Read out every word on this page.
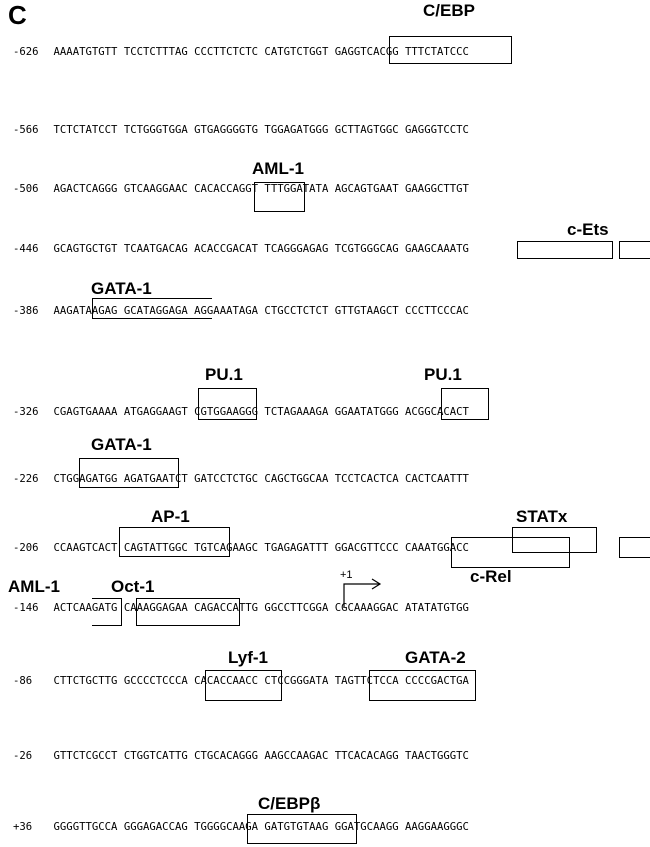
C
-626 AAAATGTGTT TCCTCTTTAG CCCTTCTCTC CATGTCTGGT GAGGTCACGG TTTCTATCCC
-566 TCTCTATCCT TCTGGGTGGA GTGAGGGGTG TGGAGATGGG GCTTAGTGGC GAGGGTCCTC
-506 AGACTCAGGG GTCAAGGAAC CACACCAGGT TTTGGATATA AGCAGTGAAT GAAGGCTTGT
-446 GCAGTGCTGT TCAATGACAG ACACCGACAT TCAGGGAGAG TCGTGGGCAG GAAGCAAATG
-386 AAGATAAGAG GCATAGGAGA AGGAAATAGA CTGCCTCTCT GTTGTAAGCT CCCTTCCCAC
-326 CGAGTGAAAA ATGAGGAAGT CGTGGAAGGG TCTAGAAAGA GGAATATGGG ACGGCACACT
-226 CTGGAGATGG AGATGAATCT GATCCTCTGC CAGCTGGCAA TCCTCACTCA CACTCAATTT
-206 CCAAGTCACT CAGTATTGGC TGTCAGAAGC TGAGAGATTT GGACGTTCCC CAAATGGACC
-146 ACTCAAGATG CAAAGGAGAA CAGACCATTG GGCCTTCGGA CGCAAAGGAC ATATATGTGG
-86 CTTCTGCTTG GCCCCTCCCA CACACCAACC CTCCGGGATA TAGTTCTCCA CCCCGACTGA
-26 GTTCTCGCCT CTGGTCATTG CTGCACAGGG AAGCCAAGAC TTCACACAGG TAACTGGGTC
+36 GGGGTTGCCA GGGAGACCAG TGGGGCAAGA GATGTGTAAG GGATGCAAGG AAGGAAGGGC
C/EBP
AML-1
c-Ets
GATA-1
PU.1	PU.1
GATA-1
AP-1	STATx
c-Rel
AML-1	Oct-1
Lyf-1	GATA-2
C/EBPβ
+1
